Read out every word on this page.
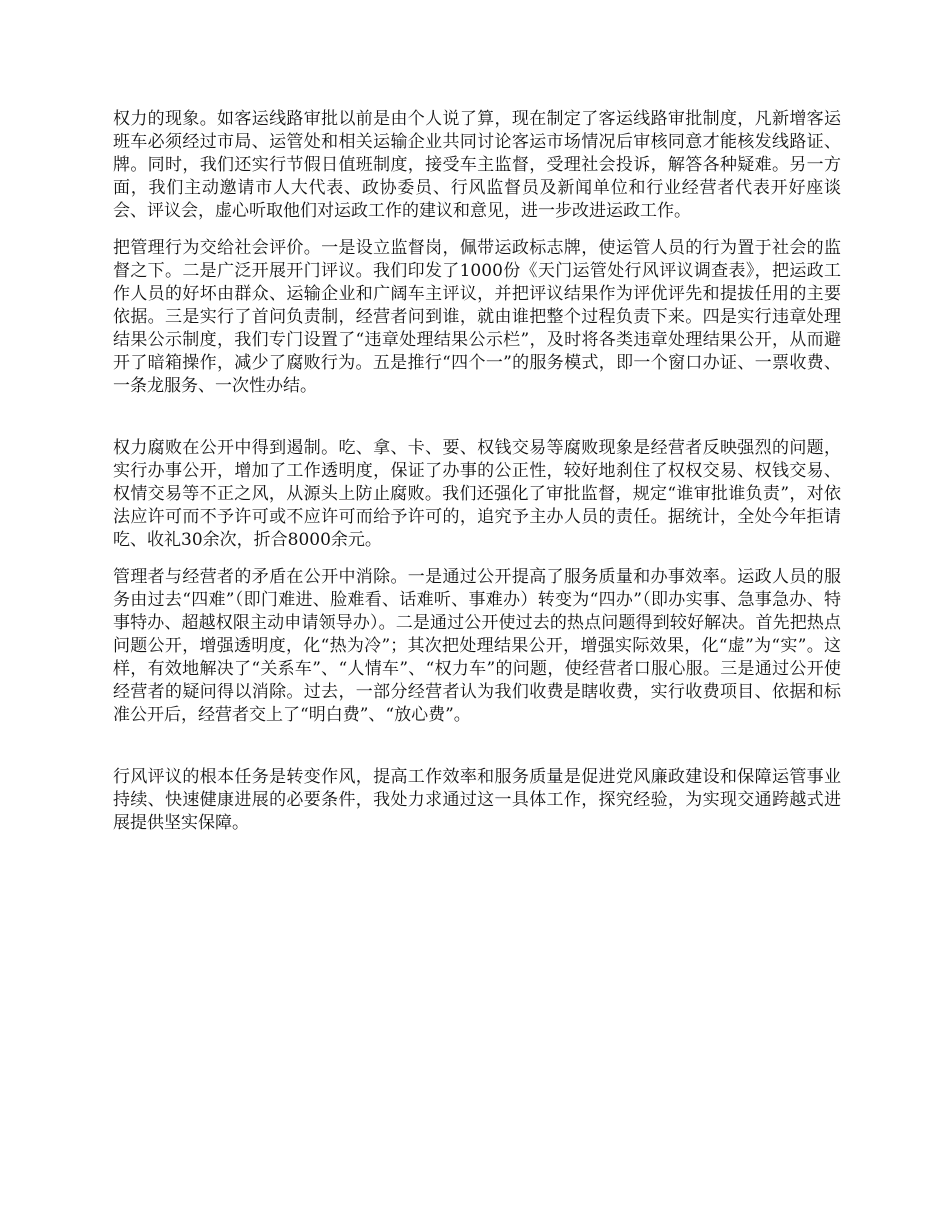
权力的现象。如客运线路审批以前是由个人说了算，现在制定了客运线路审批制度，凡新增客运班车必须经过市局、运管处和相关运输企业共同讨论客运市场情况后审核同意才能核发线路证、牌。同时，我们还实行节假日值班制度，接受车主监督，受理社会投诉，解答各种疑难。另一方面，我们主动邀请市人大代表、政协委员、行风监督员及新闻单位和行业经营者代表开好座谈会、评议会，虚心听取他们对运政工作的建议和意见，进一步改进运政工作。

把管理行为交给社会评价。一是设立监督岗，佩带运政标志牌，使运管人员的行为置于社会的监督之下。二是广泛开展开门评议。我们印发了1000份《天门运管处行风评议调查表》，把运政工作人员的好坏由群众、运输企业和广阔车主评议，并把评议结果作为评优评先和提拔任用的主要依据。三是实行了首问负责制，经营者问到谁，就由谁把整个过程负责下来。四是实行违章处理结果公示制度，我们专门设置了“违章处理结果公示栏”，及时将各类违章处理结果公开，从而避开了暗箱操作，减少了腐败行为。五是推行“四个一”的服务模式，即一个窗口办证、一票收费、一条龙服务、一次性办结。

权力腐败在公开中得到遏制。吃、拿、卡、要、权钱交易等腐败现象是经营者反映强烈的问题，实行办事公开，增加了工作透明度，保证了办事的公正性，较好地刹住了权权交易、权钱交易、权情交易等不正之风，从源头上防止腐败。我们还强化了审批监督，规定“谁审批谁负责”，对依法应许可而不予许可或不应许可而给予许可的，追究予主办人员的责任。据统计，全处今年拒请吃、收礼30余次，折合8000余元。

管理者与经营者的矛盾在公开中消除。一是通过公开提高了服务质量和办事效率。运政人员的服务由过去“四难”（即门难进、脸难看、话难听、事难办）转变为“四办”（即办实事、急事急办、特事特办、超越权限主动申请领导办）。二是通过公开使过去的热点问题得到较好解决。首先把热点问题公开，增强透明度，化“热为冷”；其次把处理结果公开，增强实际效果，化“虚”为“实”。这样，有效地解决了“关系车”、“人情车”、“权力车”的问题，使经营者口服心服。三是通过公开使经营者的疑问得以消除。过去，一部分经营者认为我们收费是瞎收费，实行收费项目、依据和标准公开后，经营者交上了“明白费”、“放心费”。

行风评议的根本任务是转变作风，提高工作效率和服务质量是促进党风廉政建设和保障运管事业持续、快速健康进展的必要条件，我处力求通过这一具体工作，探究经验，为实现交通跨越式进展提供坚实保障。
